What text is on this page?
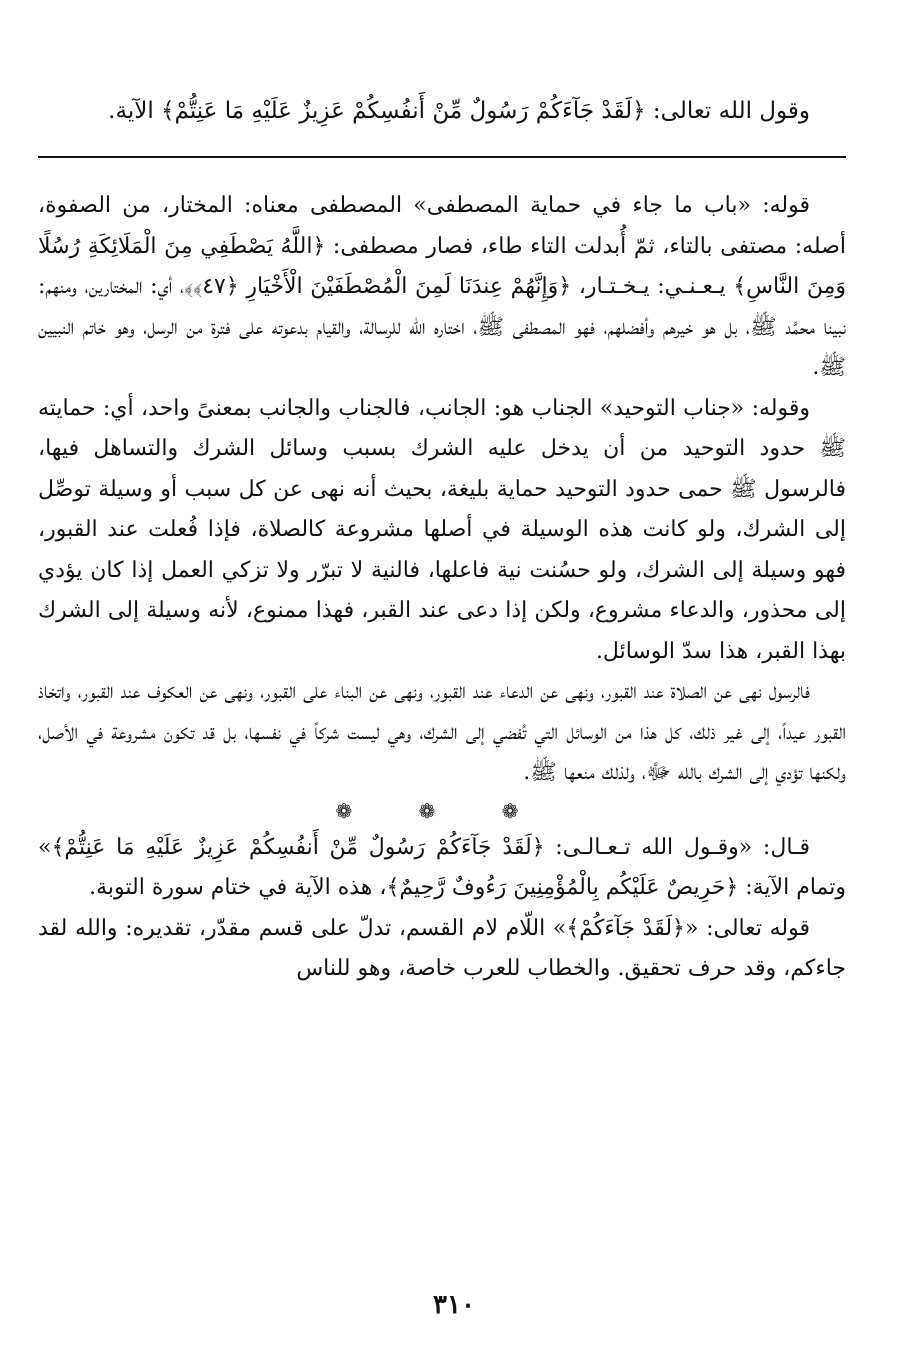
وقول الله تعالى: ﴿لَقَدْ جَآءَكُمْ رَسُولٌ مِّنْ أَنفُسِكُمْ عَزِيزٌ عَلَيْهِ مَا عَنِتُّمْ﴾ الآية.

قوله: «باب ما جاء في حماية المصطفى» المصطفى معناه: المختار، من الصفوة، أصله: مصتفى بالتاء، ثمّ أُبدلت التاء طاء، فصار مصطفى: ﴿اللَّهُ يَصْطَفِي مِنَ الْمَلَائِكَةِ رُسُلًا وَمِنَ النَّاسِ﴾ يـعـنـي: يـخـتـار، ﴿وَإِنَّهُمْ عِندَنَا لَمِنَ الْمُصْطَفَيْنَ الْأَخْيَارِ ﴿٤٧﴾﴾، أي: المختارين، ومنهم: نبينا محمَّد ﷺ، بل هو خيرهم وأفضلهم، فهو المصطفى ﷺ، اختاره الله للرسالة، والقيام بدعوته على فترة من الرسل، وهو خاتم النبيين ﷺ.

وقوله: «جناب التوحيد» الجناب هو: الجانب، فالجناب والجانب بمعنىً واحد، أي: حمايته ﷺ حدود التوحيد من أن يدخل عليه الشرك بسبب وسائل الشرك والتساهل فيها، فالرسول ﷺ حمى حدود التوحيد حماية بليغة، بحيث أنه نهى عن كل سبب أو وسيلة توصِّل إلى الشرك، ولو كانت هذه الوسيلة في أصلها مشروعة كالصلاة، فإذا فُعلت عند القبور، فهو وسيلة إلى الشرك، ولو حسُنت نية فاعلها، فالنية لا تبرّر ولا تزكي العمل إذا كان يؤدي إلى محذور، والدعاء مشروع، ولكن إذا دعى عند القبر، فهذا ممنوع، لأنه وسيلة إلى الشرك بهذا القبر، هذا سدّ الوسائل.

فالرسول نهى عن الصلاة عند القبور، ونهى عن الدعاء عند القبور، ونهى عن البناء على القبور، ونهى عن العكوف عند القبور، واتخاذ القبور عيداً، إلى غير ذلك، كل هذا من الوسائل التي تُفضي إلى الشرك، وهي ليست شركاً في نفسها، بل قد تكون مشروعة في الأصل، ولكنها تؤدي إلى الشرك بالله ﷻ، ولذلك منعها ﷺ.

❁ ❁ ❁

قـال: «وقـول الله تـعـالـى: ﴿لَقَدْ جَآءَكُمْ رَسُولٌ مِّنْ أَنفُسِكُمْ عَزِيزٌ عَلَيْهِ مَا عَنِتُّمْ﴾» وتمام الآية: ﴿حَرِيصٌ عَلَيْكُم بِالْمُؤْمِنِينَ رَءُوفٌ رَّحِيمٌ﴾، هذه الآية في ختام سورة التوبة.

قوله تعالى: «﴿لَقَدْ جَآءَكُمْ﴾» اللّام لام القسم، تدلّ على قسم مقدّر، تقديره: والله لقد جاءكم، وقد حرف تحقيق. والخطاب للعرب خاصة، وهو للناس

٣١٠
